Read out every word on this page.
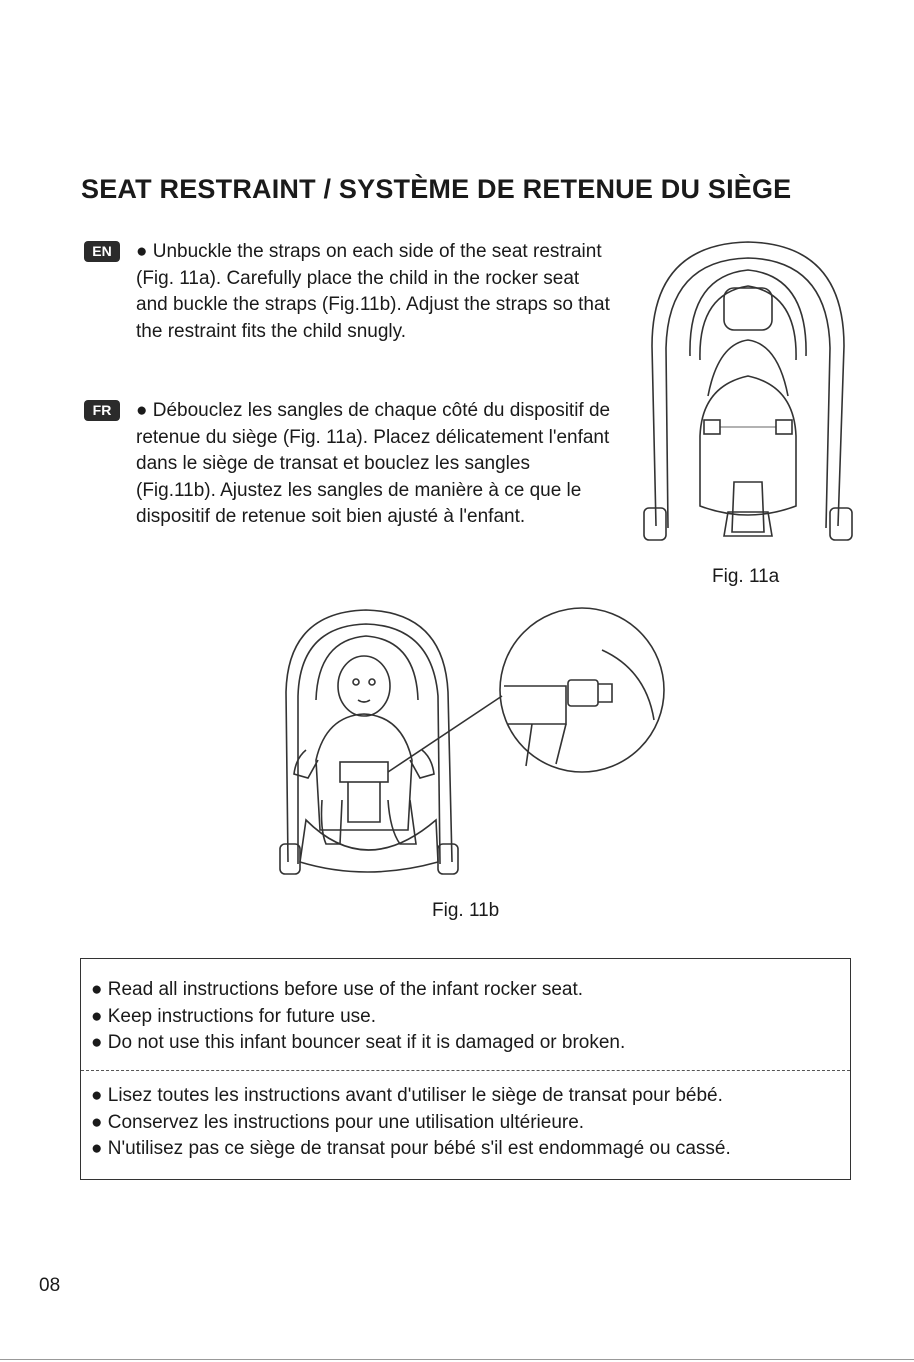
SEAT RESTRAINT / SYSTÈME DE RETENUE DU SIÈGE
EN	● Unbuckle the straps on each side of the seat restraint (Fig. 11a). Carefully place the child in the rocker seat and buckle the straps (Fig.11b). Adjust the straps so that the restraint fits the child snugly.

FR	● Débouclez les sangles de chaque côté du dispositif de retenue du siège (Fig. 11a). Placez délicatement l'enfant dans le siège de transat et bouclez les sangles (Fig.11b). Ajustez les sangles de manière à ce que le dispositif de retenue soit bien ajusté à l'enfant.

Fig. 11a

Fig. 11b

● Read all instructions before use of the infant rocker seat.
● Keep instructions for future use.
● Do not use this infant bouncer seat if it is damaged or broken.
● Lisez toutes les instructions avant d'utiliser le siège de transat pour bébé.
● Conservez les instructions pour une utilisation ultérieure.
● N'utilisez pas ce siège de transat pour bébé s'il est endommagé ou cassé.

08
